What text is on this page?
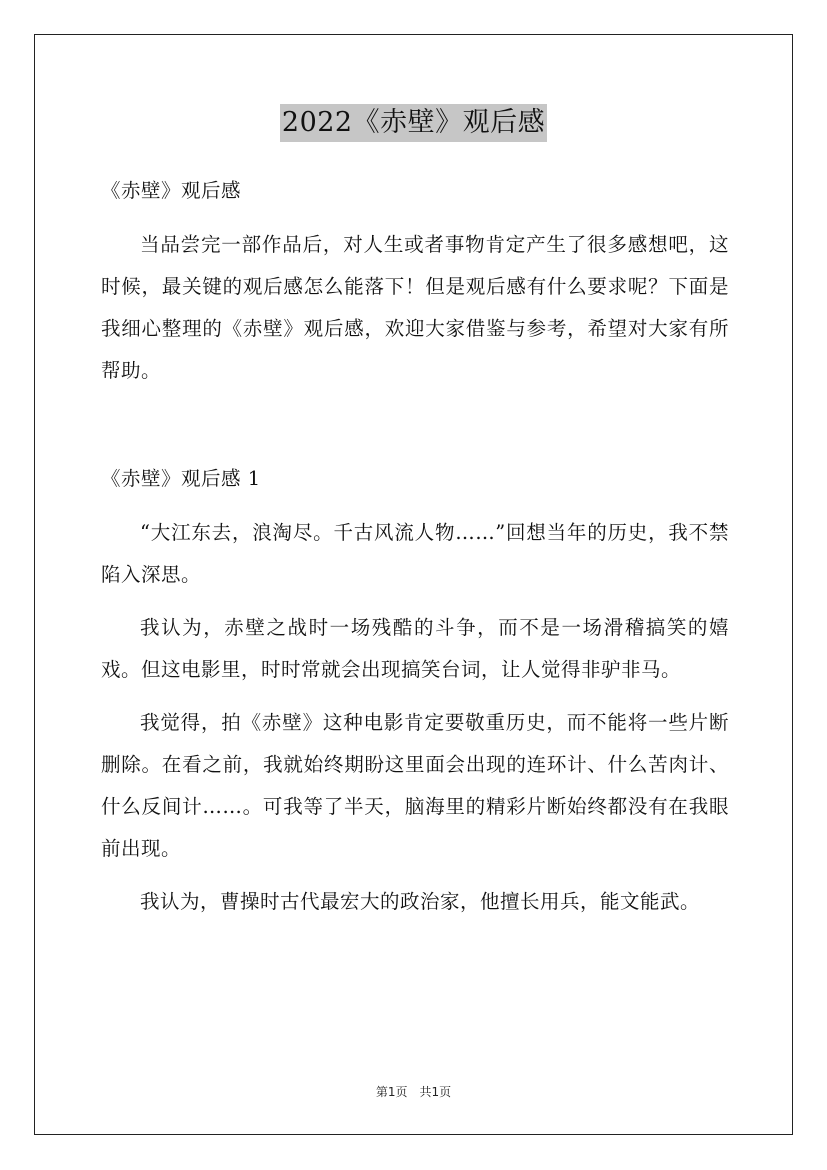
2022《赤壁》观后感

《赤壁》观后感

当品尝完一部作品后，对人生或者事物肯定产生了很多感想吧，这时候，最关键的观后感怎么能落下！但是观后感有什么要求呢？下面是我细心整理的《赤壁》观后感，欢迎大家借鉴与参考，希望对大家有所帮助。

《赤壁》观后感 1

“大江东去，浪淘尽。千古风流人物……”回想当年的历史，我不禁陷入深思。

我认为，赤壁之战时一场残酷的斗争，而不是一场滑稽搞笑的嬉戏。但这电影里，时时常就会出现搞笑台词，让人觉得非驴非马。

我觉得，拍《赤壁》这种电影肯定要敬重历史，而不能将一些片断删除。在看之前，我就始终期盼这里面会出现的连环计、什么苦肉计、什么反间计……。可我等了半天，脑海里的精彩片断始终都没有在我眼前出现。

我认为，曹操时古代最宏大的政治家，他擅长用兵，能文能武。

第1页 共1页
